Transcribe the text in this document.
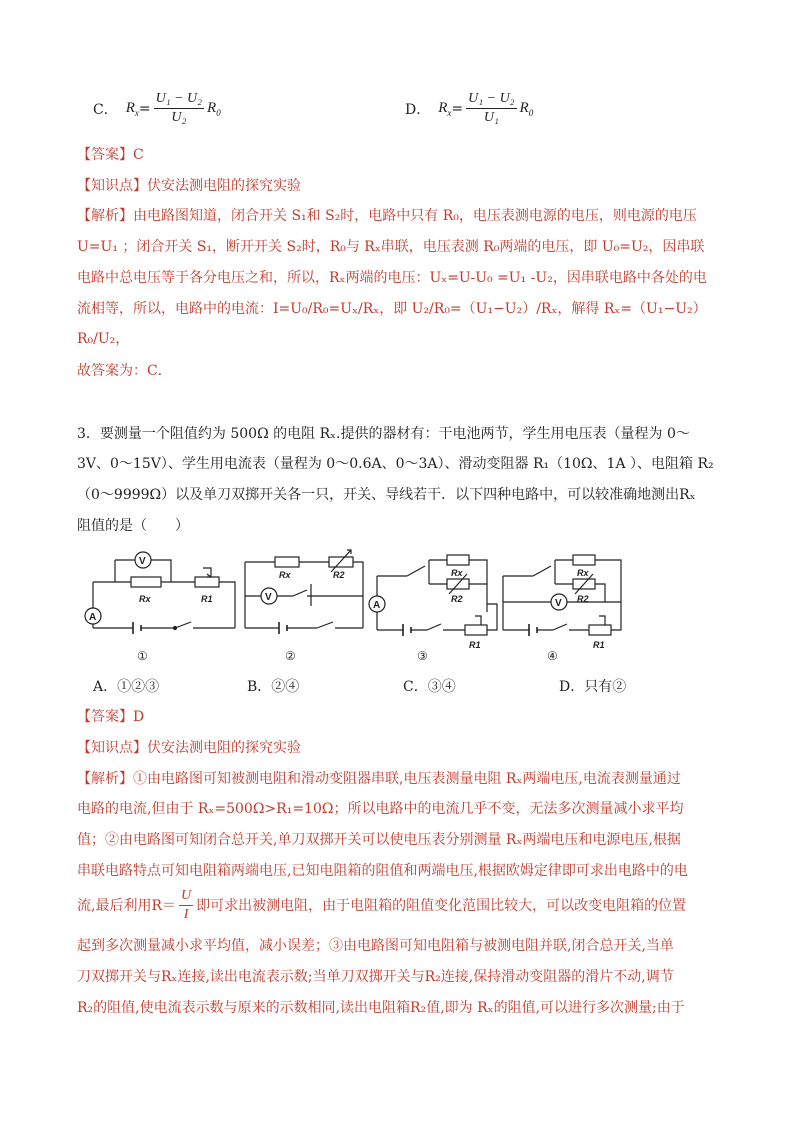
C． $R_x = \frac{\text{U₁ − U₂}}{\text{U₂}} R_0$	D． $R_x = \frac{\text{U₁ − U₂}}{\text{U₁}} R_0$
【答案】C
【知识点】伏安法测电阻的探究实验
【解析】由电路图知道，闭合开关 S₁和 S₂时，电路中只有 R₀，电压表测电源的电压，则电源的电压
U=U₁ ；闭合开关 S₁，断开开关 S₂时，R₀与 Rₓ串联，电压表测 R₀两端的电压，即 U₀=U₂，因串联
电路中总电压等于各分电压之和，所以，Rₓ两端的电压：Uₓ=U-U₀ =U₁ -U₂，因串联电路中各处的电
流相等，所以，电路中的电流：I=U₀/R₀=Uₓ/Rₓ，即 U₂/R₀=（U₁−U₂）/Rₓ，解得 Rₓ=（U₁−U₂）
R₀/U₂，
故答案为：C．
3．要测量一个阻值约为 500Ω 的电阻 Rₓ.提供的器材有：干电池两节，学生用电压表（量程为 0～
3V、0～15V）、学生用电流表（量程为 0～0.6A、0～3A）、滑动变阻器 R₁（10Ω、1A ）、电阻箱 R₂
（0～9999Ω）以及单刀双掷开关各一只，开关、导线若干．以下四种电路中，可以较准确地测出Rₓ
阻值的是（　　）
V
Rx	R1
A
①
Rx	R2
V
②
A
Rx
R2
R1
③
Rx
R2
V
R1
④
A．①②③	B．②④	C．③④	D．只有②
【答案】D
【知识点】伏安法测电阻的探究实验
【解析】①由电路图可知被测电阻和滑动变阻器串联,电压表测量电阻 Rₓ两端电压,电流表测量通过
电路的电流,但由于 Rₓ=500Ω>R₁=10Ω；所以电路中的电流几乎不变，无法多次测量减小求平均
值；②由电路图可知闭合总开关,单刀双掷开关可以使电压表分别测量 Rₓ两端电压和电源电压,根据
串联电路特点可知电阻箱两端电压,已知电阻箱的阻值和两端电压,根据欧姆定律即可求出电路中的电
流,最后利用$R= \frac{U}{I}$ 即可求出被测电阻，由于电阻箱的阻值变化范围比较大，可以改变电阻箱的位置
起到多次测量减小求平均值，减小误差；③由电路图可知电阻箱与被测电阻并联,闭合总开关,当单
刀双掷开关与Rₓ连接,读出电流表示数;当单刀双掷开关与R₂连接,保持滑动变阻器的滑片不动,调节
R₂的阻值,使电流表示数与原来的示数相同,读出电阻箱R₂值,即为 Rₓ的阻值,可以进行多次测量;由于
